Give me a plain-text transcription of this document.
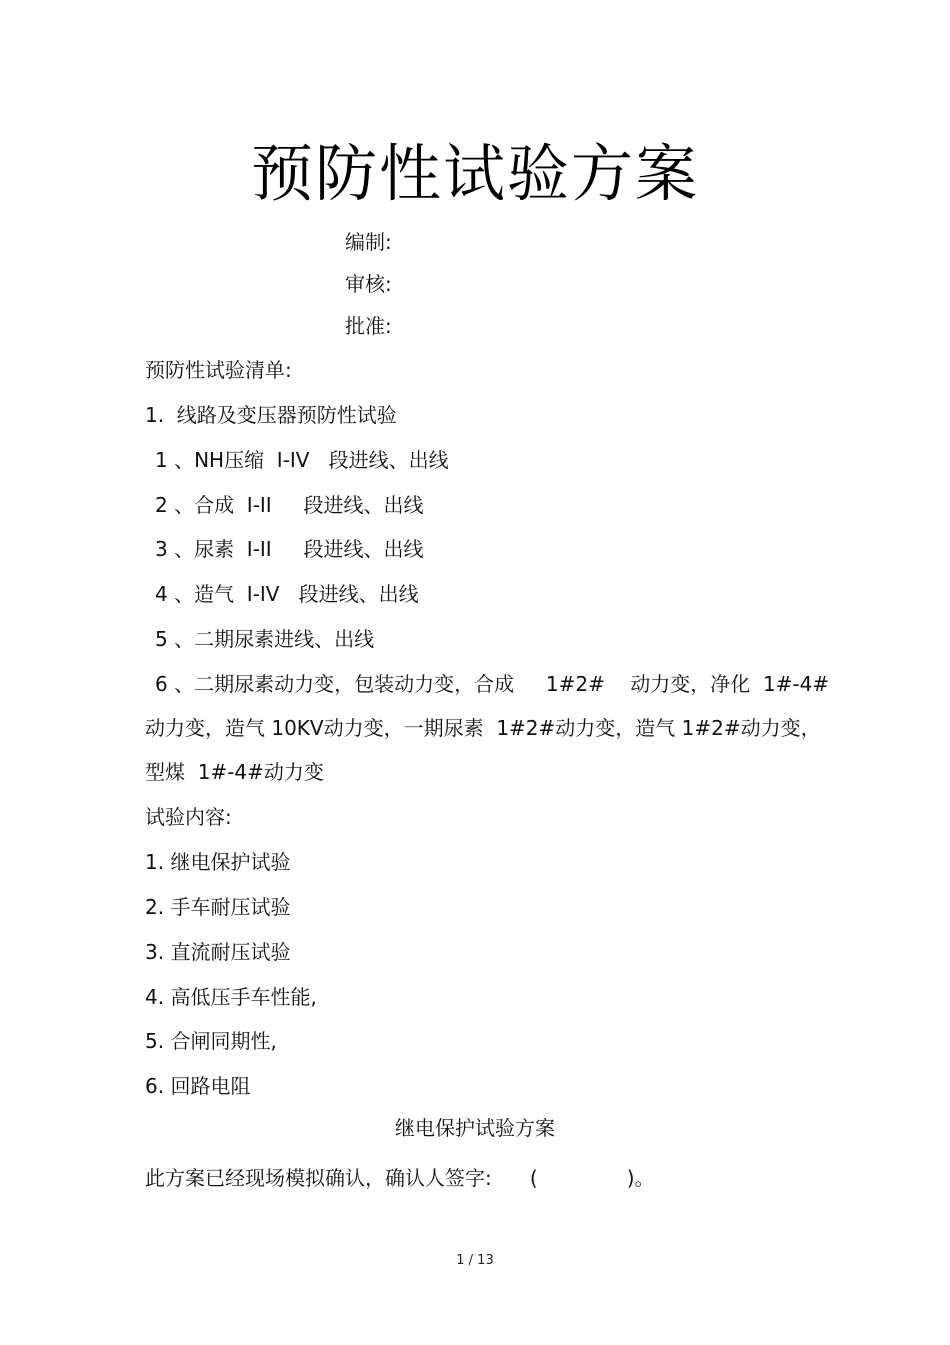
预防性试验方案
编制:
审核:
批准:
预防性试验清单:
1.  线路及变压器预防性试验
1 、NH压缩  I-IV   段进线、出线
2 、合成  I-II     段进线、出线
3 、尿素  I-II     段进线、出线
4 、造气  I-IV   段进线、出线
5 、二期尿素进线、出线
6 、二期尿素动力变，包装动力变，合成     1#2#    动力变，净化  1#-4#
动力变，造气 10KV动力变，一期尿素  1#2#动力变，造气 1#2#动力变，
型煤  1#-4#动力变
试验内容:
1. 继电保护试验
2. 手车耐压试验
3. 直流耐压试验
4. 高低压手车性能,
5. 合闸同期性,
6. 回路电阻
继电保护试验方案
此方案已经现场模拟确认，确认人签字:      (              )。
1 / 13
